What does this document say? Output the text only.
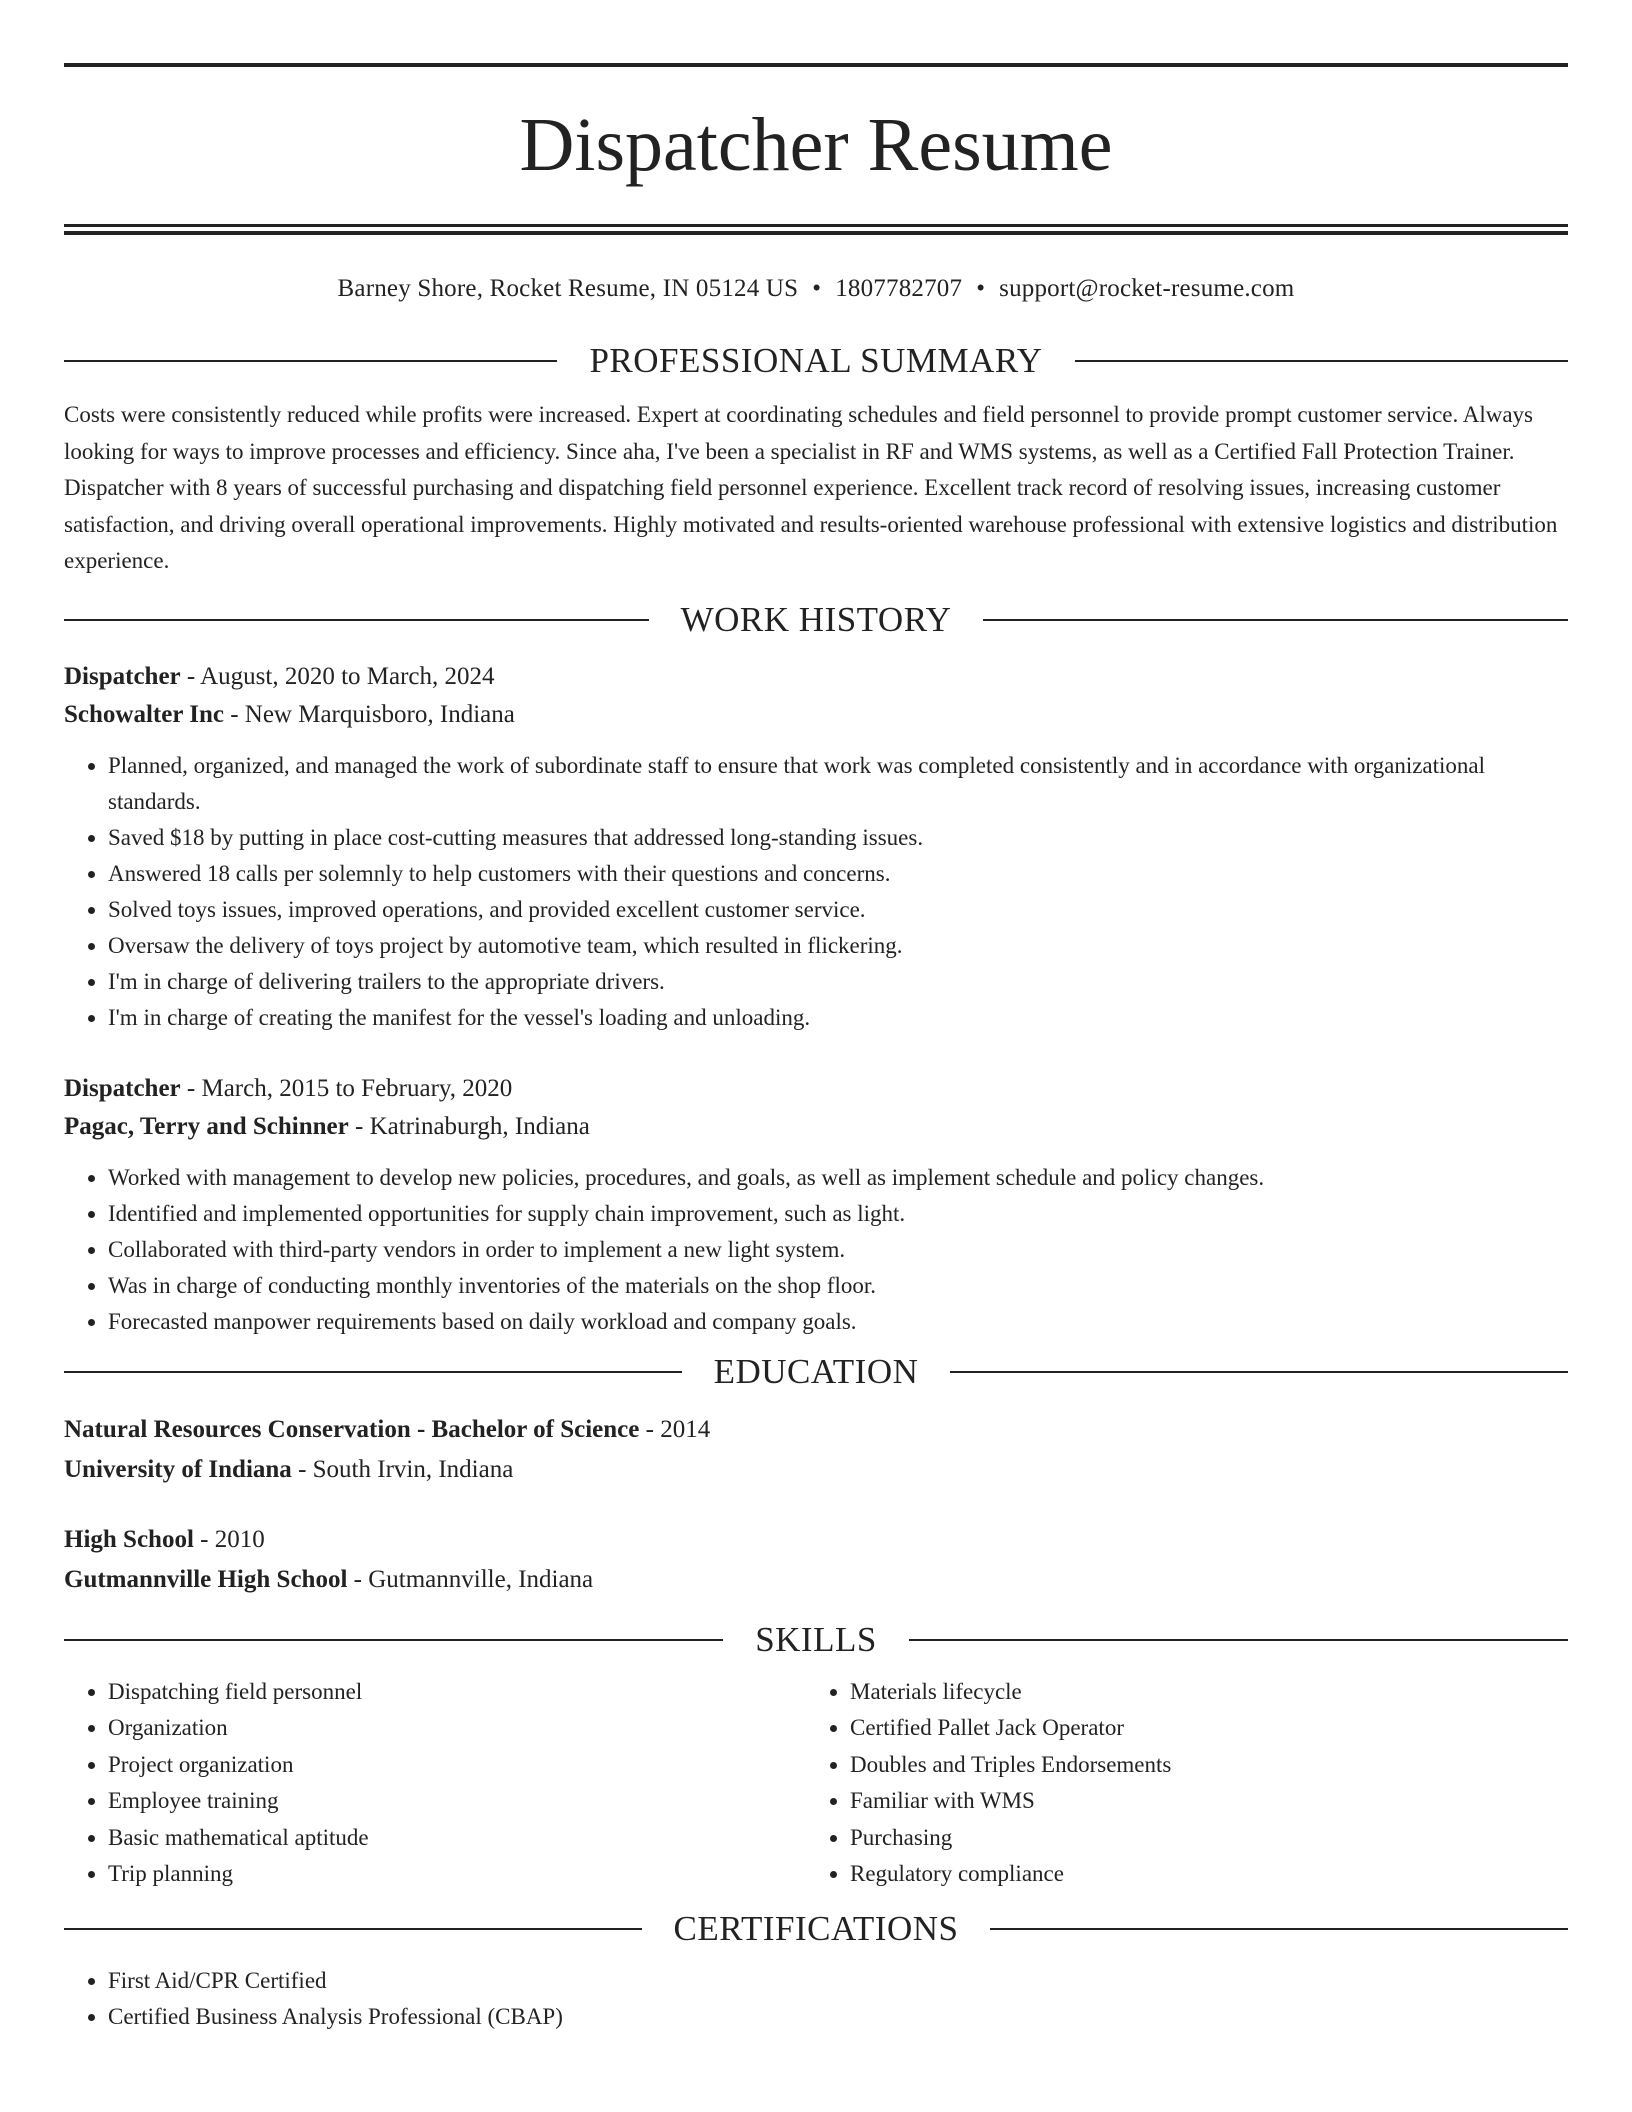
Dispatcher Resume
Barney Shore, Rocket Resume, IN 05124 US • 1807782707 • support@rocket-resume.com
PROFESSIONAL SUMMARY

Costs were consistently reduced while profits were increased. Expert at coordinating schedules and field personnel to provide prompt customer service. Always looking for ways to improve processes and efficiency. Since aha, I've been a specialist in RF and WMS systems, as well as a Certified Fall Protection Trainer. Dispatcher with 8 years of successful purchasing and dispatching field personnel experience. Excellent track record of resolving issues, increasing customer satisfaction, and driving overall operational improvements. Highly motivated and results-oriented warehouse professional with extensive logistics and distribution experience.

WORK HISTORY
Dispatcher - August, 2020 to March, 2024
Schowalter Inc - New Marquisboro, Indiana
• Planned, organized, and managed the work of subordinate staff to ensure that work was completed consistently and in accordance with organizational standards.
• Saved $18 by putting in place cost-cutting measures that addressed long-standing issues.
• Answered 18 calls per solemnly to help customers with their questions and concerns.
• Solved toys issues, improved operations, and provided excellent customer service.
• Oversaw the delivery of toys project by automotive team, which resulted in flickering.
• I'm in charge of delivering trailers to the appropriate drivers.
• I'm in charge of creating the manifest for the vessel's loading and unloading.
Dispatcher - March, 2015 to February, 2020
Pagac, Terry and Schinner - Katrinaburgh, Indiana
• Worked with management to develop new policies, procedures, and goals, as well as implement schedule and policy changes.
• Identified and implemented opportunities for supply chain improvement, such as light.
• Collaborated with third-party vendors in order to implement a new light system.
• Was in charge of conducting monthly inventories of the materials on the shop floor.
• Forecasted manpower requirements based on daily workload and company goals.
EDUCATION
Natural Resources Conservation - Bachelor of Science - 2014
University of Indiana - South Irvin, Indiana
High School - 2010
Gutmannville High School - Gutmannville, Indiana
SKILLS
• Dispatching field personnel
• Organization
• Project organization
• Employee training
• Basic mathematical aptitude
• Trip planning
• Materials lifecycle
• Certified Pallet Jack Operator
• Doubles and Triples Endorsements
• Familiar with WMS
• Purchasing
• Regulatory compliance
CERTIFICATIONS
• First Aid/CPR Certified
• Certified Business Analysis Professional (CBAP)
